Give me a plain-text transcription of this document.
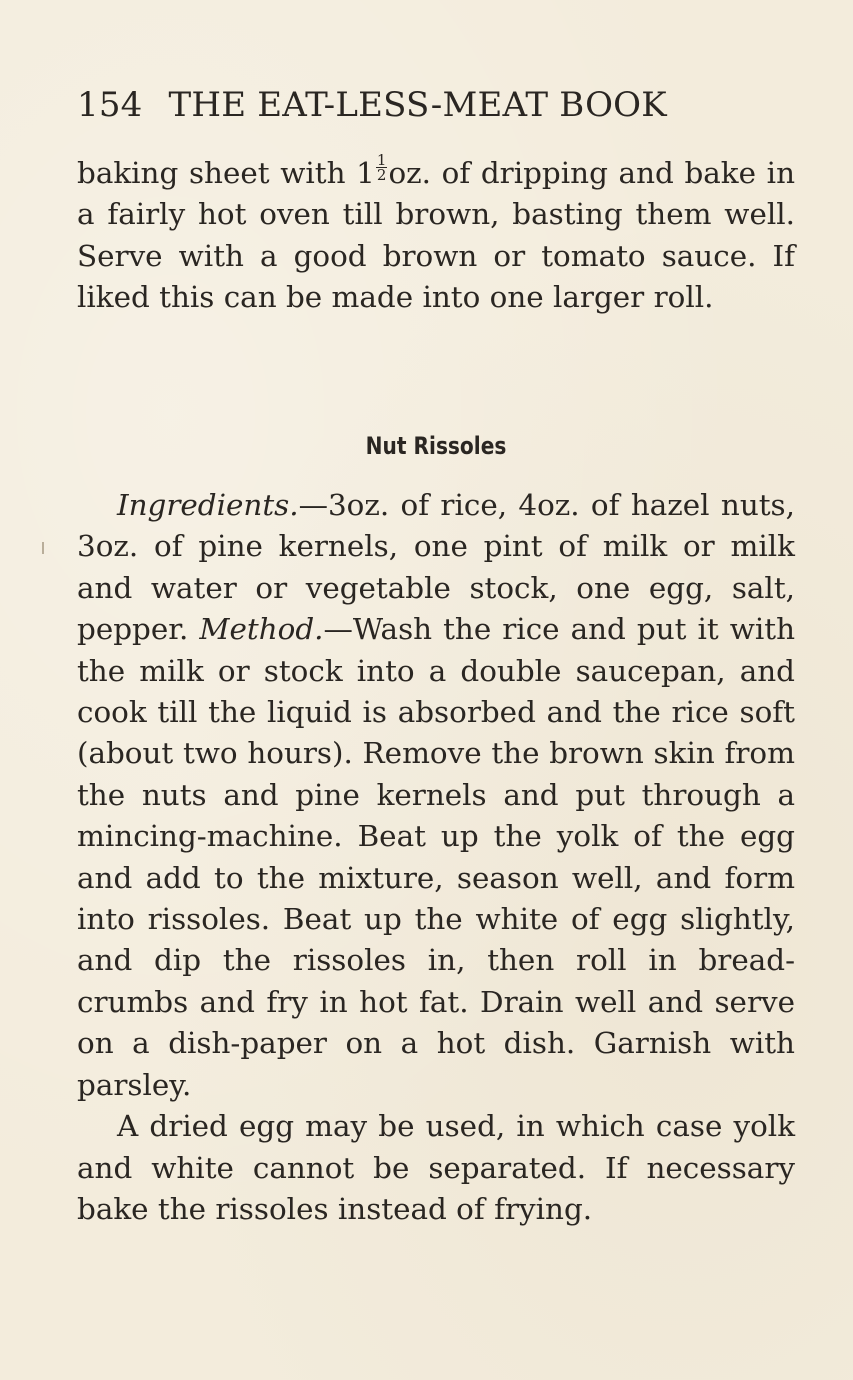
154 THE EAT-LESS-MEAT BOOK

baking sheet with $1 \frac{1}{2}$ oz. of dripping and bake in a fairly hot oven till brown, basting them well. Serve with a good brown or tomato sauce. If liked this can be made into one larger roll.

Nut Rissoles

Ingredients.—3oz. of rice, 4oz. of hazel nuts, 3oz. of pine kernels, one pint of milk or milk and water or vegetable stock, one egg, salt, pepper. Method.—Wash the rice and put it with the milk or stock into a double saucepan, and cook till the liquid is absorbed and the rice soft (about two hours). Remove the brown skin from the nuts and pine kernels and put through a mincing-machine. Beat up the yolk of the egg and add to the mixture, season well, and form into rissoles. Beat up the white of egg slightly, and dip the rissoles in, then roll in bread-crumbs and fry in hot fat. Drain well and serve on a dish-paper on a hot dish. Garnish with parsley.

A dried egg may be used, in which case yolk and white cannot be separated. If necessary bake the rissoles instead of frying.
